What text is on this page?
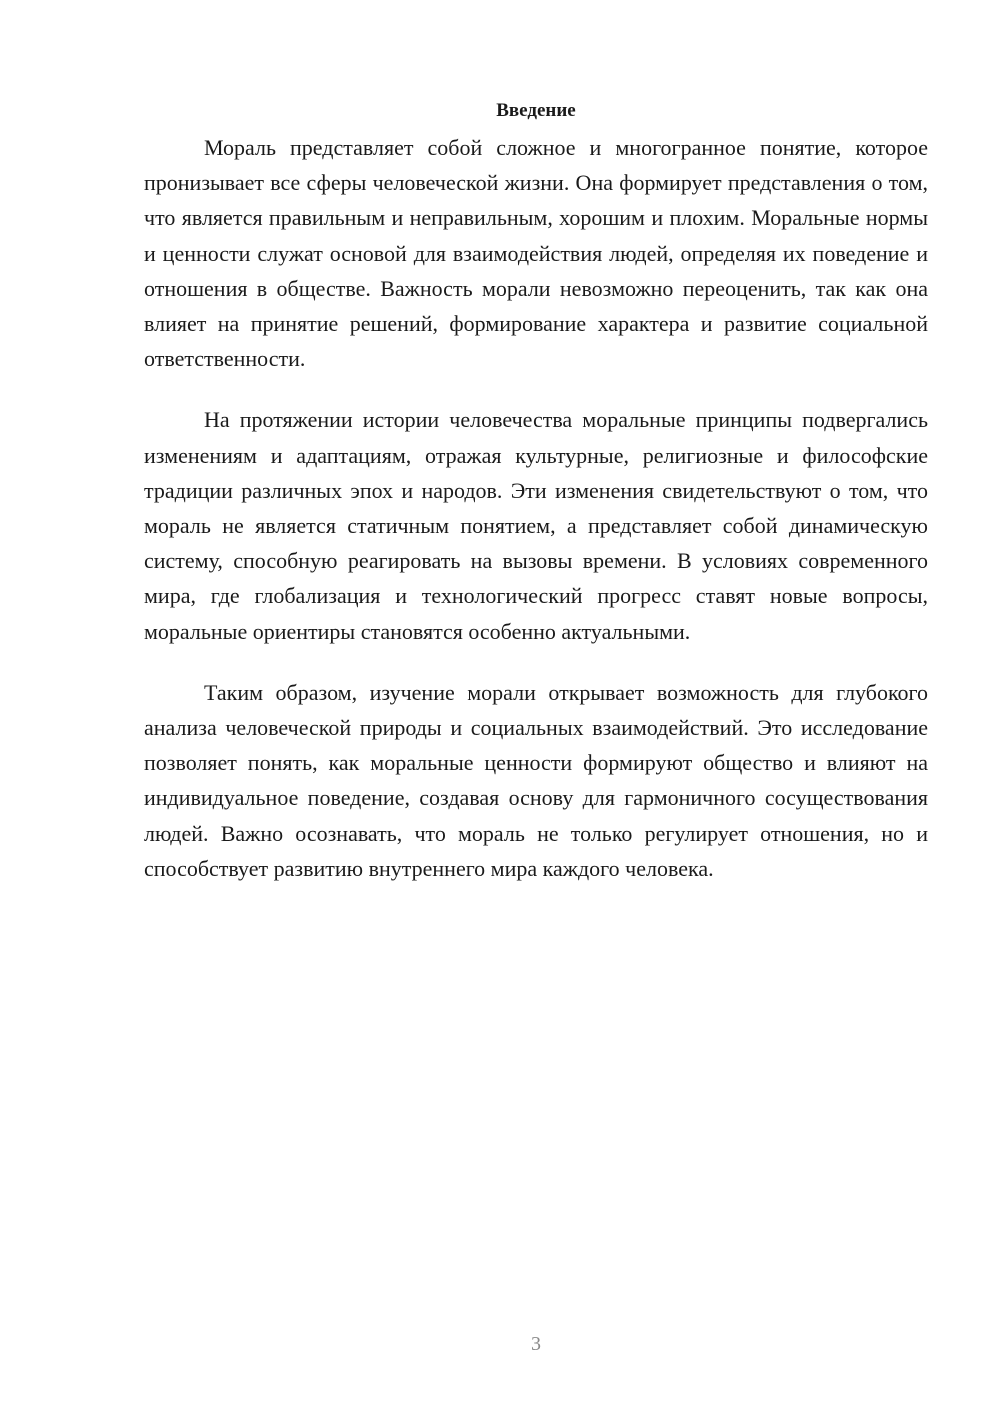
Введение

Мораль представляет собой сложное и многогранное понятие, которое пронизывает все сферы человеческой жизни. Она формирует представления о том, что является правильным и неправильным, хорошим и плохим. Моральные нормы и ценности служат основой для взаимодействия людей, определяя их поведение и отношения в обществе. Важность морали невозможно переоценить, так как она влияет на принятие решений, формирование характера и развитие социальной ответственности.

На протяжении истории человечества моральные принципы подвергались изменениям и адаптациям, отражая культурные, религиозные и философские традиции различных эпох и народов. Эти изменения свидетельствуют о том, что мораль не является статичным понятием, а представляет собой динамическую систему, способную реагировать на вызовы времени. В условиях современного мира, где глобализация и технологический прогресс ставят новые вопросы, моральные ориентиры становятся особенно актуальными.

Таким образом, изучение морали открывает возможность для глубокого анализа человеческой природы и социальных взаимодействий. Это исследование позволяет понять, как моральные ценности формируют общество и влияют на индивидуальное поведение, создавая основу для гармоничного сосуществования людей. Важно осознавать, что мораль не только регулирует отношения, но и способствует развитию внутреннего мира каждого человека.

3
